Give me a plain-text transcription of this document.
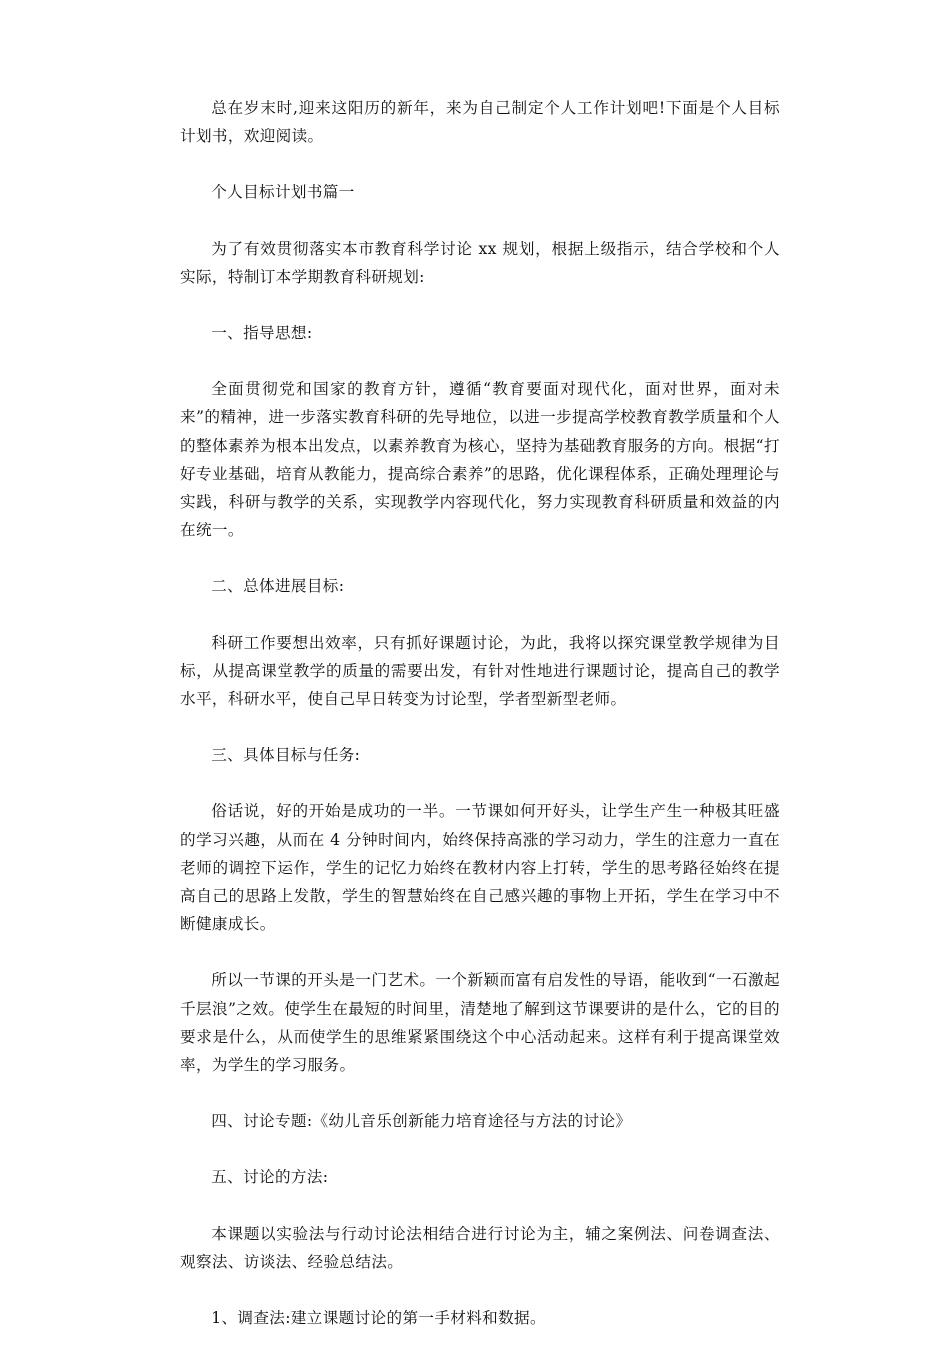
总在岁末时,迎来这阳历的新年，来为自己制定个人工作计划吧!下面是个人目标计划书，欢迎阅读。

个人目标计划书篇一

为了有效贯彻落实本市教育科学讨论 xx 规划，根据上级指示，结合学校和个人实际，特制订本学期教育科研规划:

一、指导思想:

全面贯彻党和国家的教育方针，遵循“教育要面对现代化，面对世界，面对未来”的精神，进一步落实教育科研的先导地位，以进一步提高学校教育教学质量和个人的整体素养为根本出发点，以素养教育为核心，坚持为基础教育服务的方向。根据“打好专业基础，培育从教能力，提高综合素养”的思路，优化课程体系，正确处理理论与实践，科研与教学的关系，实现教学内容现代化，努力实现教育科研质量和效益的内在统一。

二、总体进展目标:

科研工作要想出效率，只有抓好课题讨论，为此，我将以探究课堂教学规律为目标，从提高课堂教学的质量的需要出发，有针对性地进行课题讨论，提高自己的教学水平，科研水平，使自己早日转变为讨论型，学者型新型老师。

三、具体目标与任务:

俗话说，好的开始是成功的一半。一节课如何开好头，让学生产生一种极其旺盛的学习兴趣，从而在 4 分钟时间内，始终保持高涨的学习动力，学生的注意力一直在老师的调控下运作，学生的记忆力始终在教材内容上打转，学生的思考路径始终在提高自己的思路上发散，学生的智慧始终在自己感兴趣的事物上开拓，学生在学习中不断健康成长。

所以一节课的开头是一门艺术。一个新颖而富有启发性的导语，能收到“一石激起千层浪”之效。使学生在最短的时间里，清楚地了解到这节课要讲的是什么，它的目的要求是什么，从而使学生的思维紧紧围绕这个中心活动起来。这样有利于提高课堂效率，为学生的学习服务。

四、讨论专题:《幼儿音乐创新能力培育途径与方法的讨论》

五、讨论的方法:

本课题以实验法与行动讨论法相结合进行讨论为主，辅之案例法、问卷调查法、观察法、访谈法、经验总结法。

1、调查法:建立课题讨论的第一手材料和数据。
